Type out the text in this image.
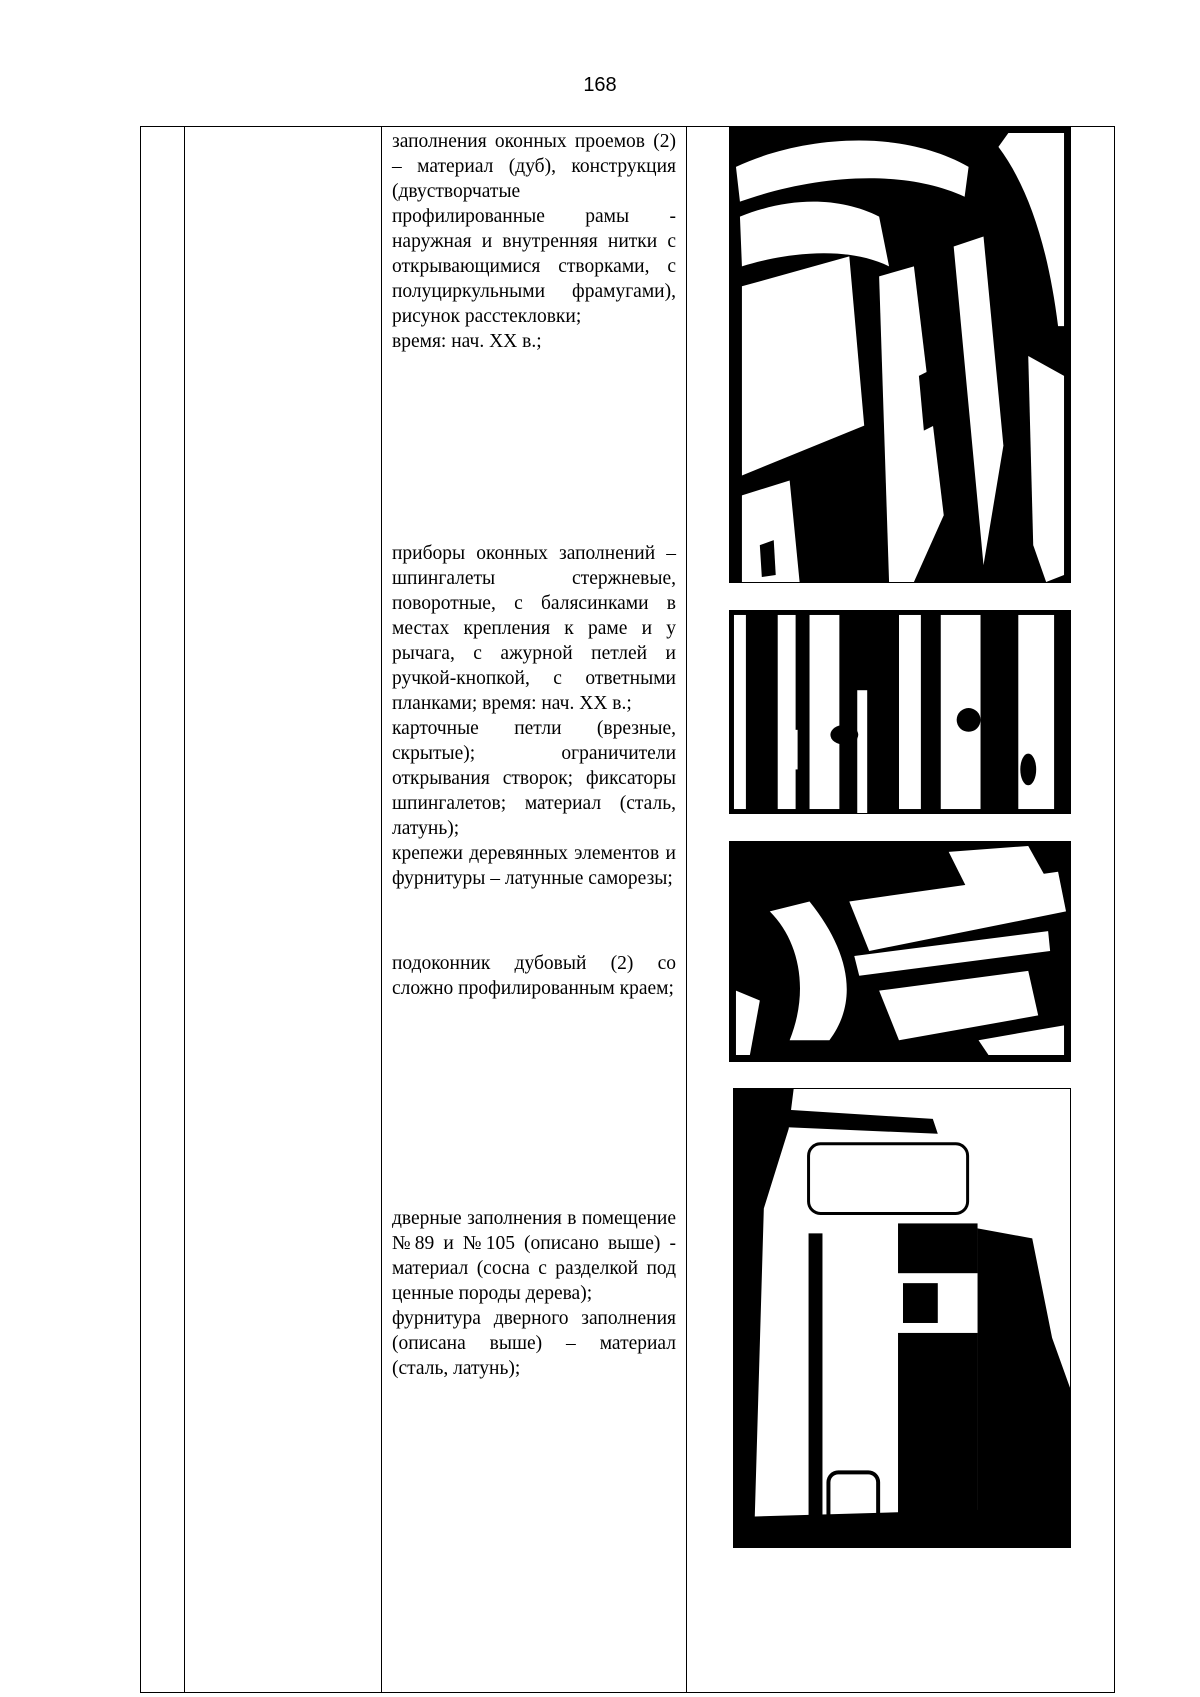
168

заполнения оконных проемов (2) – материал (дуб), конструкция (двустворчатые профилированные рамы - наружная и внутренняя нитки с открывающимися створками, с полуциркульными фрамугами), рисунок расстекловки;

время: нач. XX в.;

приборы оконных заполнений – шпингалеты стержневые, поворотные, с балясинками в местах крепления к раме и у рычага, с ажурной петлей и ручкой-кнопкой, с ответными планками; время: нач. XX в.;

карточные петли (врезные, скрытые); ограничители открывания створок; фиксаторы шпингалетов; материал (сталь, латунь);

крепежи деревянных элементов и фурнитуры – латунные саморезы;

подоконник дубовый (2) со сложно профилированным краем;

дверные заполнения в помещение №89 и №105 (описано выше) - материал (сосна с разделкой под ценные породы дерева);

фурнитура дверного заполнения (описана выше) – материал (сталь, латунь);
